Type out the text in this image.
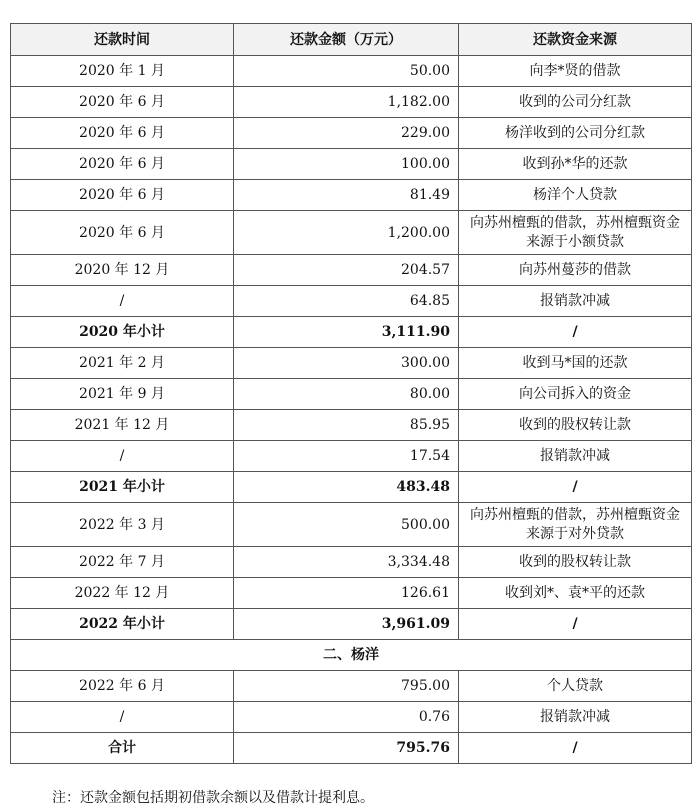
还款时间	还款金额（万元）	还款资金来源
2020 年 1 月	50.00	向李*贤的借款
2020 年 6 月	1,182.00	收到的公司分红款
2020 年 6 月	229.00	杨洋收到的公司分红款
2020 年 6 月	100.00	收到孙*华的还款
2020 年 6 月	81.49	杨洋个人贷款
2020 年 6 月	1,200.00	向苏州檀甄的借款，苏州檀甄资金来源于小额贷款
2020 年 12 月	204.57	向苏州蔓莎的借款
/	64.85	报销款冲减
2020 年小计	3,111.90	/
2021 年 2 月	300.00	收到马*国的还款
2021 年 9 月	80.00	向公司拆入的资金
2021 年 12 月	85.95	收到的股权转让款
/	17.54	报销款冲减
2021 年小计	483.48	/
2022 年 3 月	500.00	向苏州檀甄的借款，苏州檀甄资金来源于对外贷款
2022 年 7 月	3,334.48	收到的股权转让款
2022 年 12 月	126.61	收到刘*、袁*平的还款
2022 年小计	3,961.09	/
二、杨洋		
2022 年 6 月	795.00	个人贷款
/	0.76	报销款冲减
合计	795.76	/
注：还款金额包括期初借款余额以及借款计提利息。
